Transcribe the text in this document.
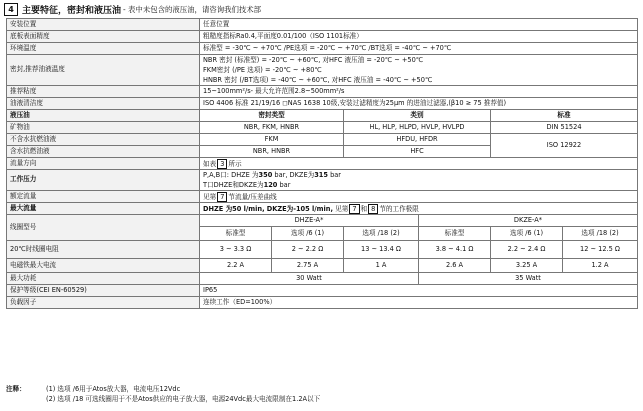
4 主要特征，密封和液压油 - 表中未包含的液压油，请咨询我们技术部
安装位置	任意位置					
底板表面精度	粗糙度指标Ra0.4,平面度0.01/100（ISO 1101标准）					
环境温度	标准型 = -30℃ ~ +70℃ /PE选项 = -20℃ ~ +70℃ /BT选项 = -40℃ ~ +70℃					
密封,推荐油液温度	NBR 密封 (标准型) = -20℃ ~ +60℃, 对HFC 液压油 = -20℃ ~ +50℃
FKM密封 (/PE 选项) = -20℃ ~ +80℃
HNBR 密封 (/BT选项) = -40℃ ~ +60℃, 对HFC 液压油 = -40℃ ~ +50℃					

推荐粘度	15~100mm²/s- 最大允许范围2.8~500mm²/s					
油液清洁度	ISO 4406 标准 21/19/16 ◻NAS 1638 10级,安装过滤精度为25μm 的进油过滤器,(β10 ≥ 75 推荐值)					
液压油	密封类型		类别		标准	
矿物油	NBR, FKM, HNBR		HL, HLP, HLPD, HVLP, HVLPD		DIN 51524	
不含水抗燃油液	FKM		HFDU, HFDR		ISO 12922	
含水抗燃油液	NBR, HNBR		HFC			
流量方向	如表 3 所示					
工作压力	P,A,B口: DHZE 为350 bar, DKZE为315 bar
T口DHZE和DKZE为120 bar					

额定流量	见第 7 节流量/压差曲线					
最大流量	DHZE 为50 l/min, DKZE为-105 l/min, 见第 7 和 8 节的工作极限					
线圈型号	DHZE-A*			DKZE-A*		
	标准型	选项 /6 (1)	选项 /18 (2)	标准型	选项 /6 (1)	选项 /18 (2)
20℃时线圈电阻	3 ~ 3.3 Ω	2 ~ 2.2 Ω	13 ~ 13.4 Ω	3.8 ~ 4.1 Ω	2.2 ~ 2.4 Ω	12 ~ 12.5 Ω
电磁铁最大电流	2.2 A	2.75 A	1 A	2.6 A	3.25 A	1.2 A
最大功耗	30 Watt			35 Watt		
保护等级(CEI EN-60529)	IP65					
负载因子	连续工作（ED=100%）					
注释：	(1) 选项 /6用于Atos放大器，电流电压12Vdc
(2) 选项 /18 可选线圈用于不是Atos供应的电子放大器，电源24Vdc最大电流限制在1.2A以下
